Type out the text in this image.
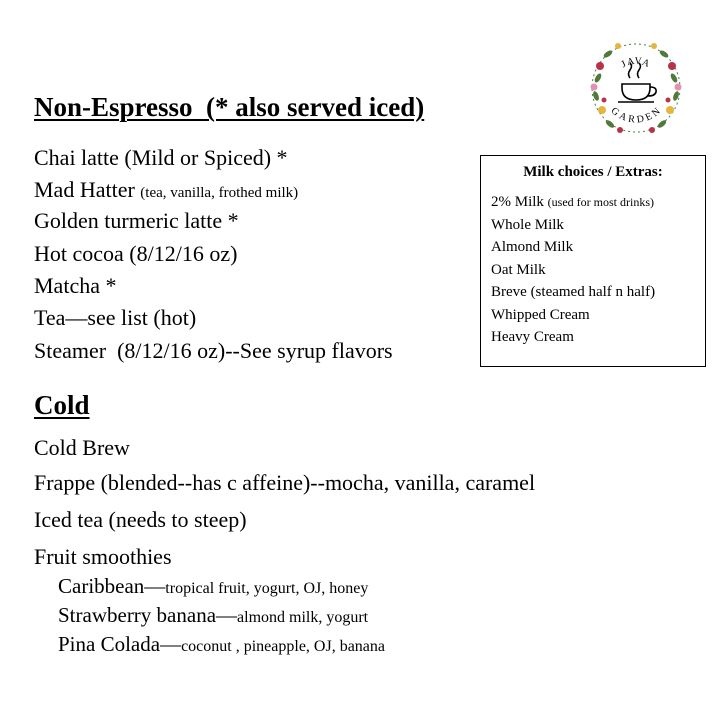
Non-Espresso  (* also served iced)
Chai latte (Mild or Spiced) *
Mad Hatter (tea, vanilla, frothed milk)
Golden turmeric latte *
Hot cocoa (8/12/16 oz)
Matcha *
Tea—see list (hot)
Steamer  (8/12/16 oz)--See syrup flavors
Cold
Cold Brew
Frappe (blended--has c affeine)--mocha, vanilla, caramel
Iced tea (needs to steep)
Fruit smoothies
Caribbean—tropical fruit, yogurt, OJ, honey
Strawberry banana—almond milk, yogurt
Pina Colada—coconut , pineapple, OJ, banana
Milk choices / Extras:
2% Milk (used for most drinks)
Whole Milk
Almond Milk
Oat Milk
Breve (steamed half n half)
Whipped Cream
Heavy Cream
JAVA
GARDEN
